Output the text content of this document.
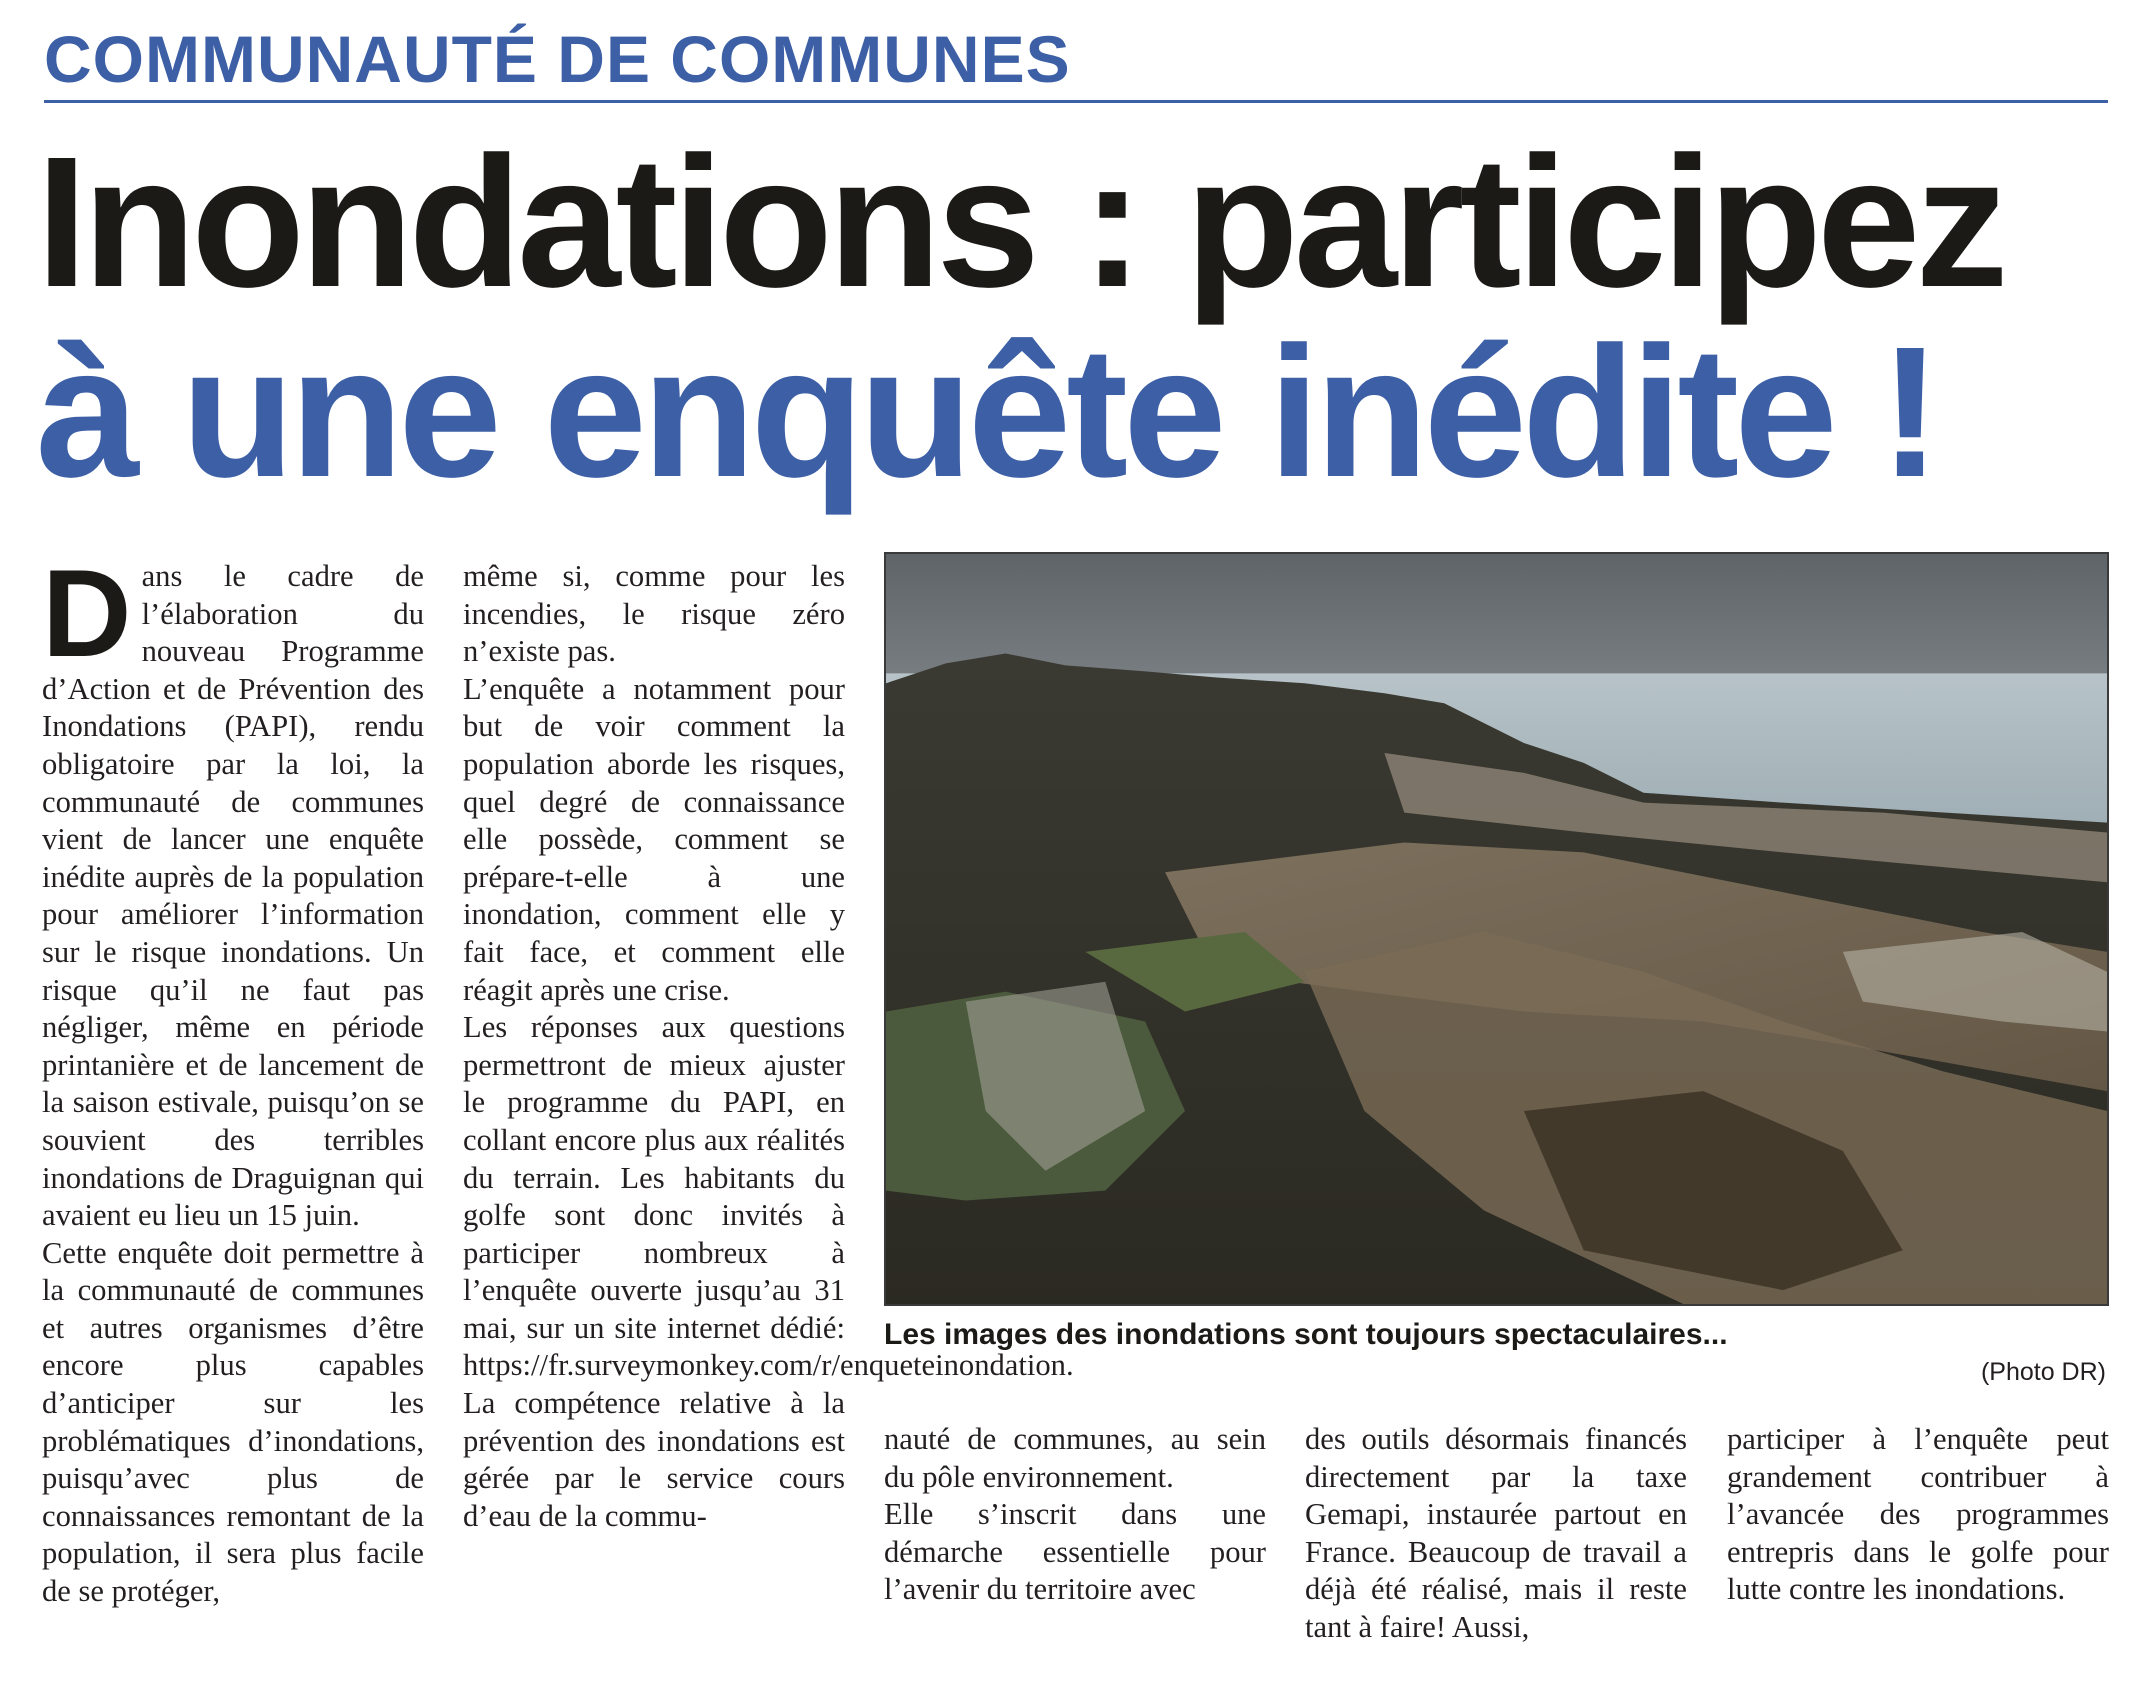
COMMUNAUTÉ DE COMMUNES
Inondations : participez
à une enquête inédite !

Dans le cadre de l’élaboration du nouveau Programme d’Action et de Prévention des Inondations (PAPI), rendu obligatoire par la loi, la communauté de communes vient de lancer une enquête inédite auprès de la population pour améliorer l’information sur le risque inondations. Un risque qu’il ne faut pas négliger, même en période printanière et de lancement de la saison estivale, puisqu’on se souvient des terribles inondations de Draguignan qui avaient eu lieu un 15 juin.

Cette enquête doit permettre à la communauté de communes et autres organismes d’être encore plus capables d’anticiper sur les problématiques d’inondations, puisqu’avec plus de connaissances remontant de la population, il sera plus facile de se protéger,

même si, comme pour les incendies, le risque zéro n’existe pas.

L’enquête a notamment pour but de voir comment la population aborde les risques, quel degré de connaissance elle possède, comment se prépare-t-elle à une inondation, comment elle y fait face, et comment elle réagit après une crise.

Les réponses aux questions permettront de mieux ajuster le programme du PAPI, en collant encore plus aux réalités du terrain. Les habitants du golfe sont donc invités à participer nombreux à l’enquête ouverte jusqu’au 31 mai, sur un site internet dédié: https://fr.surveymonkey.com/r/enqueteinondation.

La compétence relative à la prévention des inondations est gérée par le service cours d’eau de la commu-

Les images des inondations sont toujours spectaculaires...
(Photo DR)

nauté de communes, au sein du pôle environnement.

Elle s’inscrit dans une démarche essentielle pour l’avenir du territoire avec

des outils désormais financés directement par la taxe Gemapi, instaurée partout en France. Beaucoup de travail a déjà été réalisé, mais il reste tant à faire! Aussi,

participer à l’enquête peut grandement contribuer à l’avancée des programmes entrepris dans le golfe pour lutte contre les inondations.
